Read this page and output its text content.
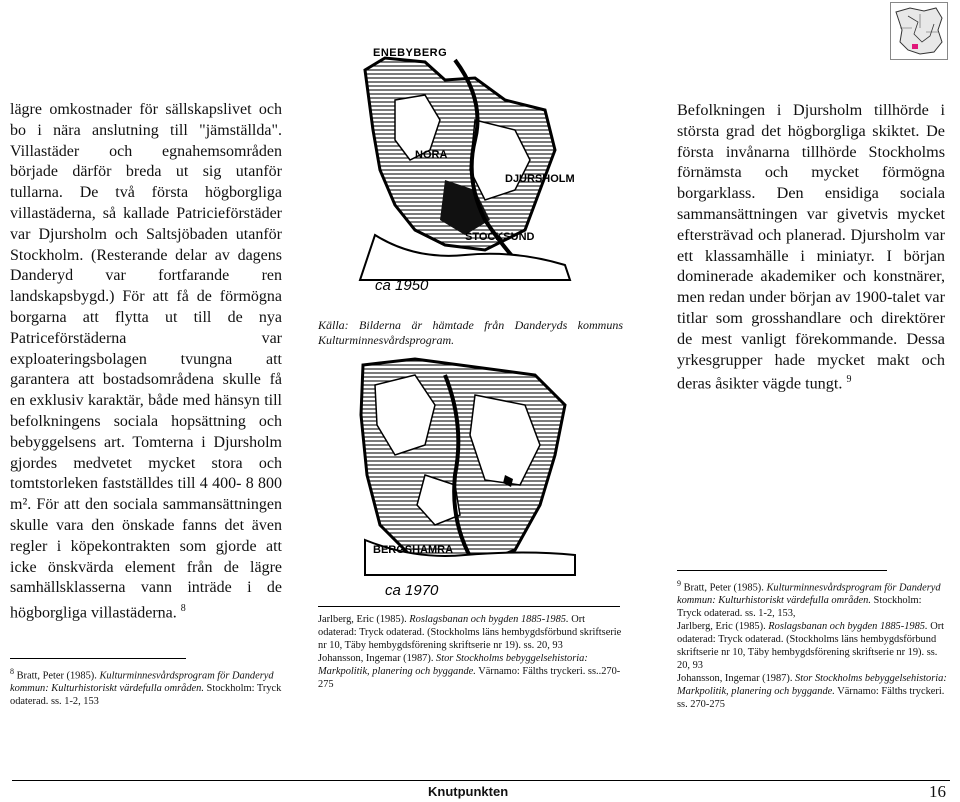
lägre omkostnader för sällskapslivet och bo i nära anslutning till "jämställda". Villastäder och egnahemsområden började därför breda ut sig utanför tullarna. De två första högborgliga villastäderna, så kallade Patricieförstäder var Djursholm och Saltsjöbaden utanför Stockholm. (Resterande delar av dagens Danderyd var fortfarande ren landskapsbygd.) För att få de förmögna borgarna att flytta ut till de nya Patriceförstäderna var exploateringsbolagen tvungna att garantera att bostadsområdena skulle få en exklusiv karaktär, både med hänsyn till befolkningens sociala hopsättning och bebyggelsens art. Tomterna i Djursholm gjordes medvetet mycket stora och tomtstorleken fastställdes till 4 400- 8 800 m². För att den sociala sammansättningen skulle vara den önskade fanns det även regler i köpekontrakten som gjorde att icke önskvärda element från de lägre samhällsklasserna vann inträde i de högborgliga villastäderna. $^8$

$^8$ Bratt, Peter (1985). Kulturminnesvårdsprogram för Danderyd kommun: Kulturhistoriskt värdefulla områden. Stockholm: Tryck odaterad. ss. 1-2, 153
ENEBYBERG
NORA
DJURSHOLM
STOCKSUND
ca 1950
Källa: Bilderna är hämtade från Danderyds kommuns Kulturminnesvårdsprogram.
BERGSHAMRA
ca 1970
Jarlberg, Eric (1985). Roslagsbanan och bygden 1885-1985. Ort odaterad: Tryck odaterad. (Stockholms läns hembygdsförbund skriftserie nr 10, Täby hembygdsförening skriftserie nr 19). ss. 20, 93
Johansson, Ingemar (1987). Stor Stockholms bebyggelsehistoria: Markpolitik, planering och byggande. Värnamo: Fälths tryckeri. ss..270-275

Befolkningen i Djursholm tillhörde i största grad det högborgliga skiktet. De första invånarna tillhörde Stockholms förnämsta och mycket förmögna borgarklass. Den ensidiga sociala sammansättningen var givetvis mycket eftersträvad och planerad. Djursholm var ett klassamhälle i miniatyr. I början dominerade akademiker och konstnärer, men redan under början av 1900-talet var titlar som grosshandlare och direktörer de mest vanligt förekommande. Dessa yrkesgrupper hade mycket makt och deras åsikter vägde tungt. $^9$

$^9$ Bratt, Peter (1985). Kulturminnesvårdsprogram för Danderyd kommun: Kulturhistoriskt värdefulla områden. Stockholm: Tryck odaterad. ss. 1-2, 153,
Jarlberg, Eric (1985). Roslagsbanan och bygden 1885-1985. Ort odaterad: Tryck odaterad. (Stockholms läns hembygdsförbund skriftserie nr 10, Täby hembygdsförening skriftserie nr 19). ss. 20, 93
Johansson, Ingemar (1987). Stor Stockholms bebyggelsehistoria: Markpolitik, planering och byggande. Värnamo: Fälths tryckeri. ss. 270-275
Knutpunkten	16
